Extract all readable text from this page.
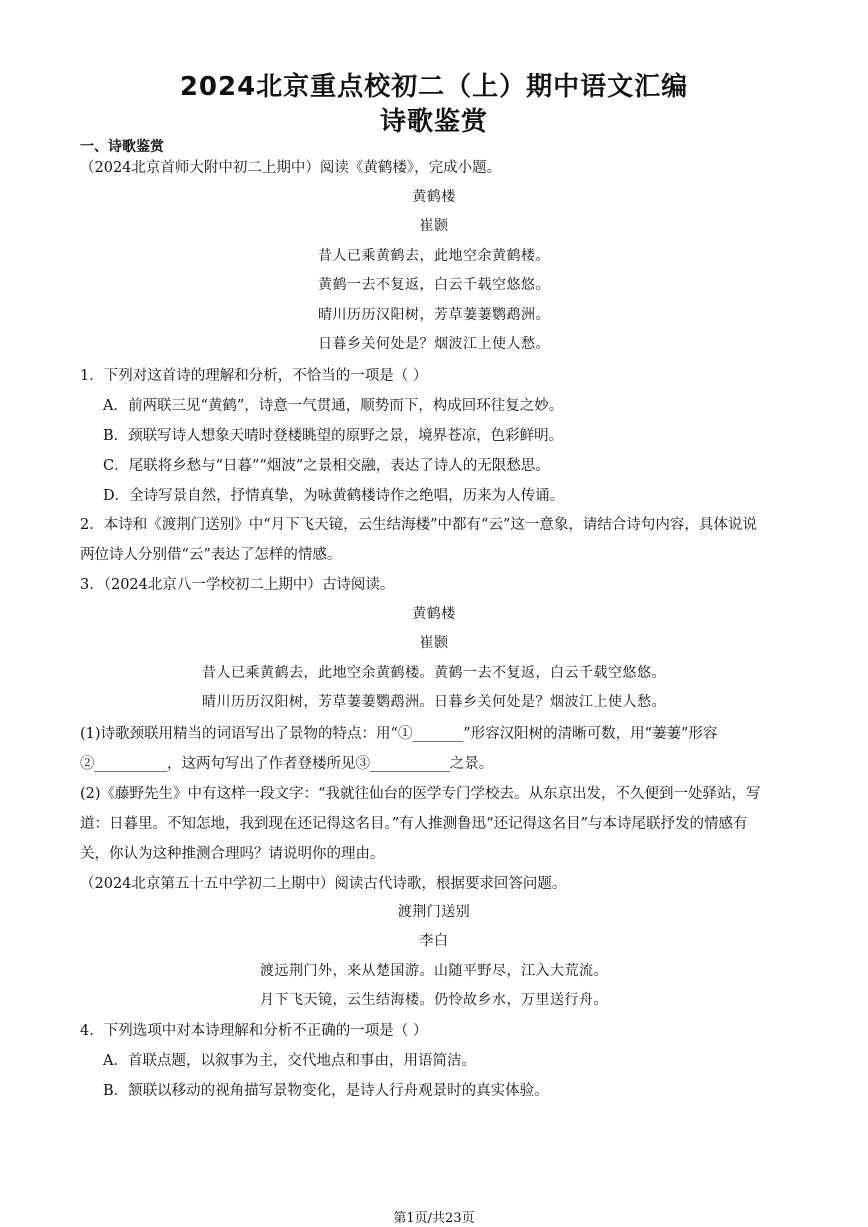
2024北京重点校初二（上）期中语文汇编
诗歌鉴赏
一、诗歌鉴赏
（2024北京首师大附中初二上期中）阅读《黄鹤楼》，完成小题。
黄鹤楼
崔颢
昔人已乘黄鹤去，此地空余黄鹤楼。
黄鹤一去不复返，白云千载空悠悠。
晴川历历汉阳树，芳草萋萋鹦鹉洲。
日暮乡关何处是？烟波江上使人愁。
1．下列对这首诗的理解和分析，不恰当的一项是（ ）
A．前两联三见“黄鹤”，诗意一气贯通，顺势而下，构成回环往复之妙。
B．颈联写诗人想象天晴时登楼眺望的原野之景，境界苍凉，色彩鲜明。
C．尾联将乡愁与“日暮”“烟波”之景相交融，表达了诗人的无限愁思。
D．全诗写景自然，抒情真挚，为咏黄鹤楼诗作之绝唱，历来为人传诵。
2．本诗和《渡荆门送别》中“月下飞天镜，云生结海楼”中都有“云”这一意象，请结合诗句内容，具体说说
两位诗人分别借“云”表达了怎样的情感。
3．（2024北京八一学校初二上期中）古诗阅读。
黄鹤楼
崔颢
昔人已乘黄鹤去，此地空余黄鹤楼。黄鹤一去不复返，白云千载空悠悠。
晴川历历汉阳树，芳草萋萋鹦鹉洲。日暮乡关何处是？烟波江上使人愁。
(1)诗歌颈联用精当的词语写出了景物的特点：用“①_______”形容汉阳树的清晰可数，用“萋萋”形容
②__________，这两句写出了作者登楼所见③___________之景。
(2)《藤野先生》中有这样一段文字：“我就往仙台的医学专门学校去。从东京出发，不久便到一处驿站，写
道：日暮里。不知怎地，我到现在还记得这名目。”有人推测鲁迅“还记得这名目”与本诗尾联抒发的情感有
关，你认为这种推测合理吗？请说明你的理由。
（2024北京第五十五中学初二上期中）阅读古代诗歌，根据要求回答问题。
渡荆门送别
李白
渡远荆门外，来从楚国游。山随平野尽，江入大荒流。
月下飞天镜，云生结海楼。仍怜故乡水，万里送行舟。
4．下列选项中对本诗理解和分析不正确的一项是（ ）
A．首联点题，以叙事为主，交代地点和事由，用语简洁。
B．颔联以移动的视角描写景物变化，是诗人行舟观景时的真实体验。
第1页/共23页
